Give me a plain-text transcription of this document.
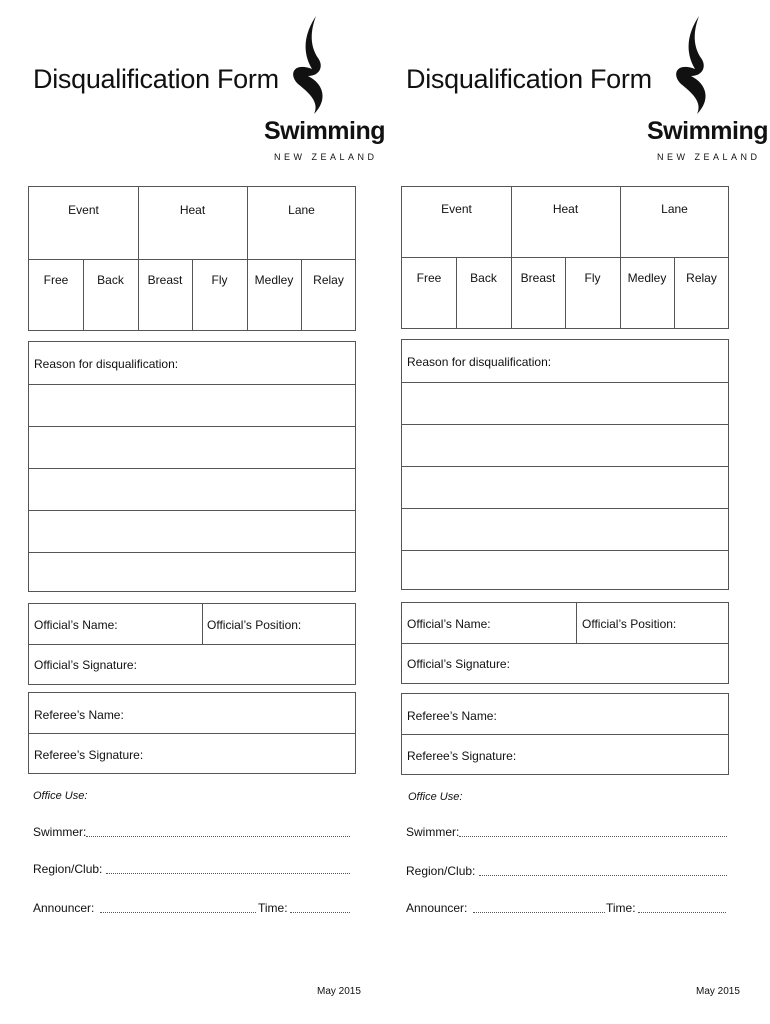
Disqualification Form
Swimming
NEW ZEALAND
Event	Heat	Lane
Free	Back	Breast	Fly	Medley	Relay
Reason for disqualification:
Official’s Name:	Official’s Position:
Official’s Signature:
Referee’s Name:
Referee’s Signature:
Office Use:
Swimmer:
Region/Club:
Announcer:	Time:
May 2015
Disqualification Form
Swimming
NEW ZEALAND
Event	Heat	Lane
Free	Back	Breast	Fly	Medley	Relay
Reason for disqualification:
Official’s Name:	Official’s Position:
Official’s Signature:
Referee’s Name:
Referee’s Signature:
Office Use:
Swimmer:
Region/Club:
Announcer:	Time:
May 2015
